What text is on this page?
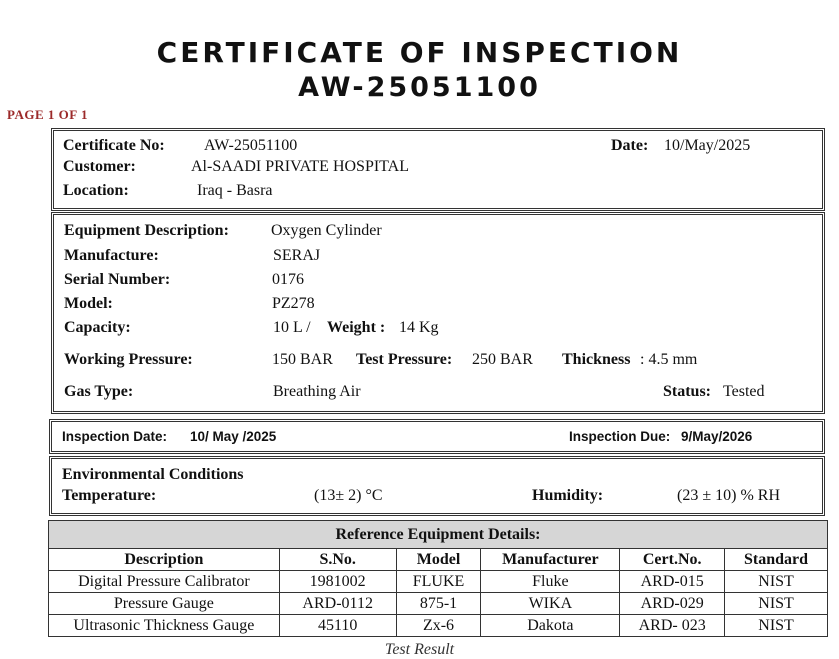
CERTIFICATE OF INSPECTION
AW-25051100
PAGE 1 OF 1
Certificate No: AW-25051100	Date: 10/May/2025
Customer:	Al-SAADI PRIVATE HOSPITAL
Location:	Iraq - Basra
Equipment Description:	Oxygen Cylinder
Manufacture:	SERAJ
Serial Number:	0176
Model:	PZ278
Capacity:	10 L / Weight : 14 Kg
Working Pressure:	150 BAR Test Pressure: 250 BAR Thickness : 4.5 mm
Gas Type:	Breathing Air	Status: Tested
Inspection Date: 10/ May /2025	Inspection Due: 9/May/2026
Environmental Conditions
Temperature:	(13± 2) °C	Humidity:	(23 ± 10) % RH
Reference Equipment Details:					
Description	S.No.	Model	Manufacturer	Cert.No.	Standard
Digital Pressure Calibrator	1981002	FLUKE	Fluke	ARD-015	NIST
Pressure Gauge	ARD-0112	875-1	WIKA	ARD-029	NIST
Ultrasonic Thickness Gauge	45110	Zx-6	Dakota	ARD- 023	NIST
Test Result
